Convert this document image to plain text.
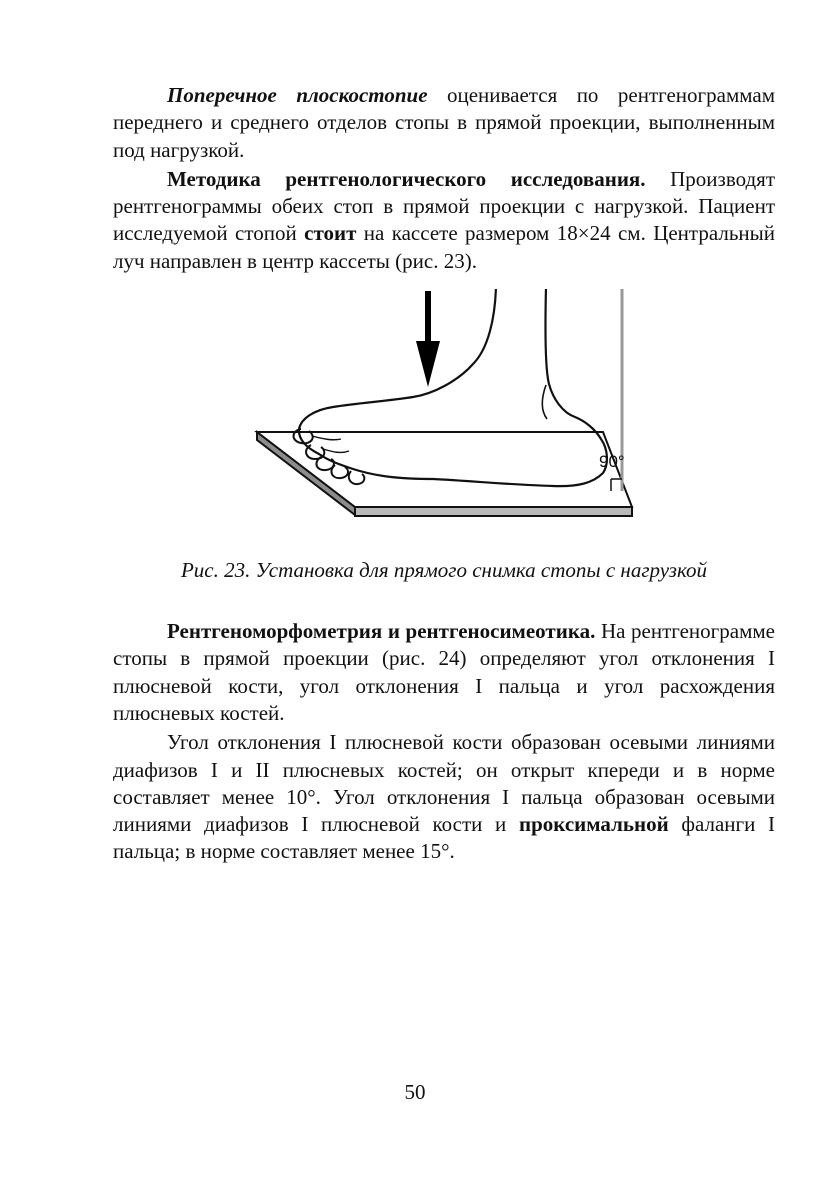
Поперечное плоскостопие оценивается по рентгенограммам переднего и среднего отделов стопы в прямой проекции, выполненным под нагрузкой.

Методика рентгенологического исследования. Производят рентгенограммы обеих стоп в прямой проекции с нагрузкой. Пациент исследуемой стопой стоит на кассете размером 18×24 см. Центральный луч направлен в центр кассеты (рис. 23).

90°

Рис. 23. Установка для прямого снимка стопы с нагрузкой

Рентгеноморфометрия и рентгеносимеотика. На рентгенограмме стопы в прямой проекции (рис. 24) определяют угол отклонения I плюсневой кости, угол отклонения I пальца и угол расхождения плюсневых костей.

Угол отклонения I плюсневой кости образован осевыми линиями диафизов I и II плюсневых костей; он открыт кпереди и в норме составляет менее 10°. Угол отклонения I пальца образован осевыми линиями диафизов I плюсневой кости и проксимальной фаланги I пальца; в норме составляет менее 15°.

50
